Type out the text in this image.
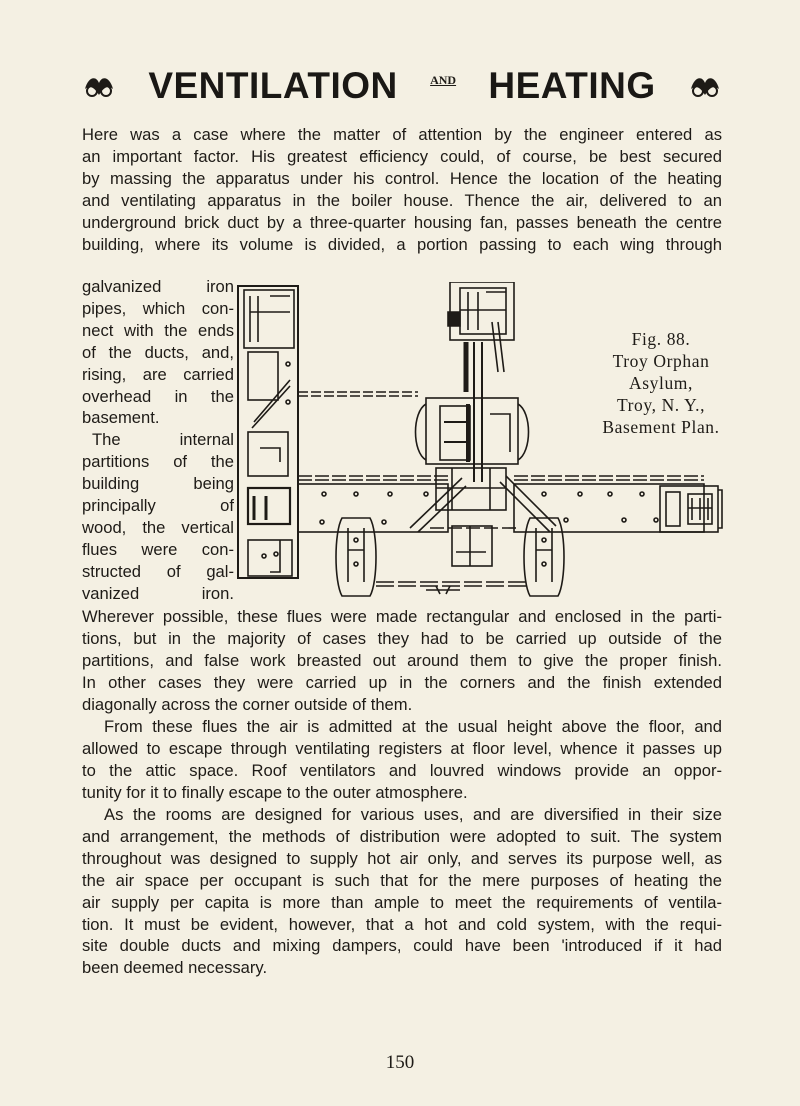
VENTILATION	AND HEATING
Here was a case where the matter of attention by the engineer entered as
an important factor. His greatest efficiency could, of course, be best secured
by massing the apparatus under his control. Hence the location of the heating
and ventilating apparatus in the boiler house. Thence the air, delivered to an
underground brick duct by a three-quarter housing fan, passes beneath the centre
building, where its volume is divided, a portion passing to each wing through
galvanized iron
pipes, which con-
nect with the ends
of the ducts, and,
rising, are carried
overhead in the
basement.
The internal
partitions of the
building being
principally of
wood, the vertical
flues were con-
structed of gal-
vanized iron.
Fig. 88.
Troy Orphan
Asylum,
Troy, N. Y.,
Basement Plan.
Wherever possible, these flues were made rectangular and enclosed in the parti-
tions, but in the majority of cases they had to be carried up outside of the
partitions, and false work breasted out around them to give the proper finish.
In other cases they were carried up in the corners and the finish extended
diagonally across the corner outside of them.
From these flues the air is admitted at the usual height above the floor, and
allowed to escape through ventilating registers at floor level, whence it passes up
to the attic space. Roof ventilators and louvred windows provide an oppor-
tunity for it to finally escape to the outer atmosphere.
As the rooms are designed for various uses, and are diversified in their size
and arrangement, the methods of distribution were adopted to suit. The system
throughout was designed to supply hot air only, and serves its purpose well, as
the air space per occupant is such that for the mere purposes of heating the
air supply per capita is more than ample to meet the requirements of ventila-
tion. It must be evident, however, that a hot and cold system, with the requi-
site double ducts and mixing dampers, could have been 'introduced if it had
been deemed necessary.
150
